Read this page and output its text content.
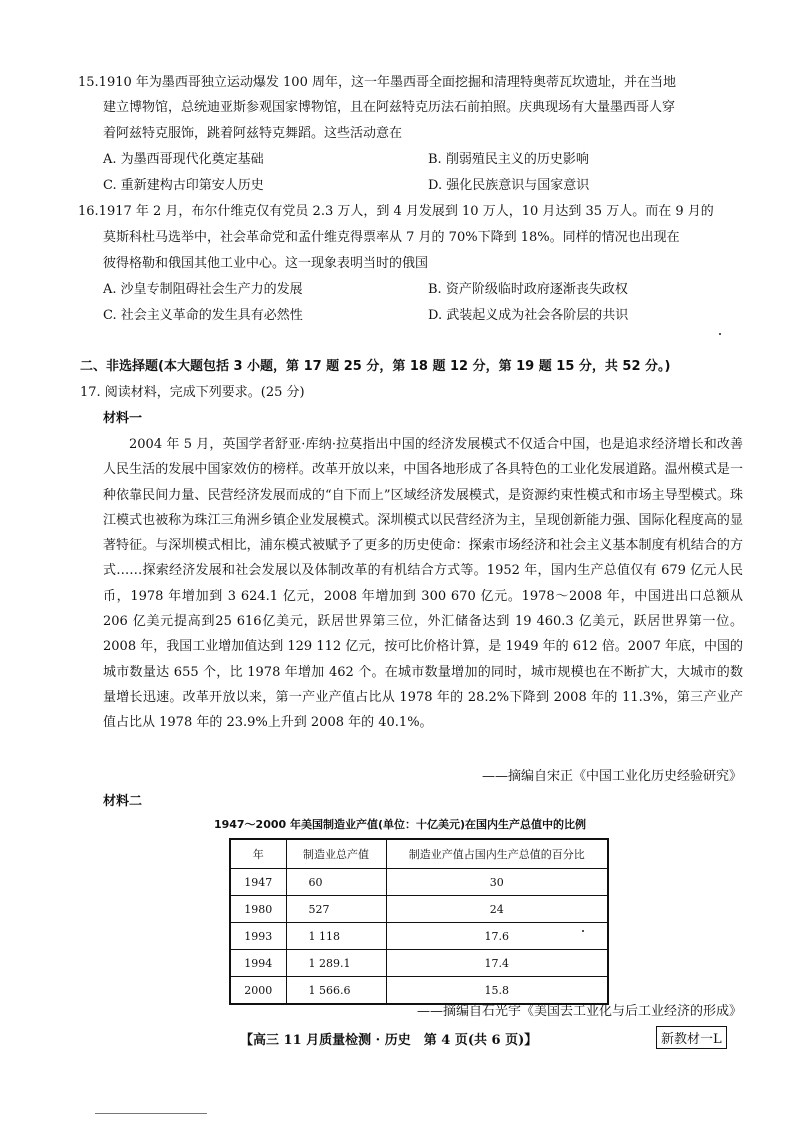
15.1910 年为墨西哥独立运动爆发 100 周年，这一年墨西哥全面挖掘和清理特奥蒂瓦坎遗址，并在当地
建立博物馆，总统迪亚斯参观国家博物馆，且在阿兹特克历法石前拍照。庆典现场有大量墨西哥人穿
着阿兹特克服饰，跳着阿兹特克舞蹈。这些活动意在
A. 为墨西哥现代化奠定基础	B. 削弱殖民主义的历史影响
C. 重新建构古印第安人历史	D. 强化民族意识与国家意识
16.1917 年 2 月，布尔什维克仅有党员 2.3 万人，到 4 月发展到 10 万人，10 月达到 35 万人。而在 9 月的
莫斯科杜马选举中，社会革命党和孟什维克得票率从 7 月的 70%下降到 18%。同样的情况也出现在
彼得格勒和俄国其他工业中心。这一现象表明当时的俄国
A. 沙皇专制阻碍社会生产力的发展	B. 资产阶级临时政府逐渐丧失政权
C. 社会主义革命的发生具有必然性	D. 武装起义成为社会各阶层的共识
二、非选择题(本大题包括 3 小题，第 17 题 25 分，第 18 题 12 分，第 19 题 15 分，共 52 分。)
17. 阅读材料，完成下列要求。(25 分)
材料一
2004 年 5 月，英国学者舒亚·库纳·拉莫指出中国的经济发展模式不仅适合中国，也是追求经济增长和改善人民生活的发展中国家效仿的榜样。改革开放以来，中国各地形成了各具特色的工业化发展道路。温州模式是一种依靠民间力量、民营经济发展而成的“自下而上”区域经济发展模式，是资源约束性模式和市场主导型模式。珠江模式也被称为珠江三角洲乡镇企业发展模式。深圳模式以民营经济为主，呈现创新能力强、国际化程度高的显著特征。与深圳模式相比，浦东模式被赋予了更多的历史使命：探索市场经济和社会主义基本制度有机结合的方式……探索经济发展和社会发展以及体制改革的有机结合方式等。1952 年，国内生产总值仅有 679 亿元人民币，1978 年增加到 3 624.1 亿元，2008 年增加到 300 670 亿元。1978～2008 年，中国进出口总额从 206 亿美元提高到25 616亿美元，跃居世界第三位，外汇储备达到 19 460.3 亿美元，跃居世界第一位。2008 年，我国工业增加值达到 129 112 亿元，按可比价格计算，是 1949 年的 612 倍。2007 年底，中国的城市数量达 655 个，比 1978 年增加 462 个。在城市数量增加的同时，城市规模也在不断扩大，大城市的数量增长迅速。改革开放以来，第一产业产值占比从 1978 年的 28.2%下降到 2008 年的 11.3%，第三产业产值占比从 1978 年的 23.9%上升到 2008 年的 40.1%。
——摘编自宋正《中国工业化历史经验研究》
材料二
1947～2000 年美国制造业产值(单位：十亿美元)在国内生产总值中的比例
年	制造业总产值	制造业产值占国内生产总值的百分比
1947	60	30
1980	527	24
1993	1 118	17.6
1994	1 289.1	17.4
2000	1 566.6	15.8
——摘编自石光宇《美国去工业化与后工业经济的形成》
【高三 11 月质量检测 · 历史　第 4 页(共 6 页)】	新教材一L
